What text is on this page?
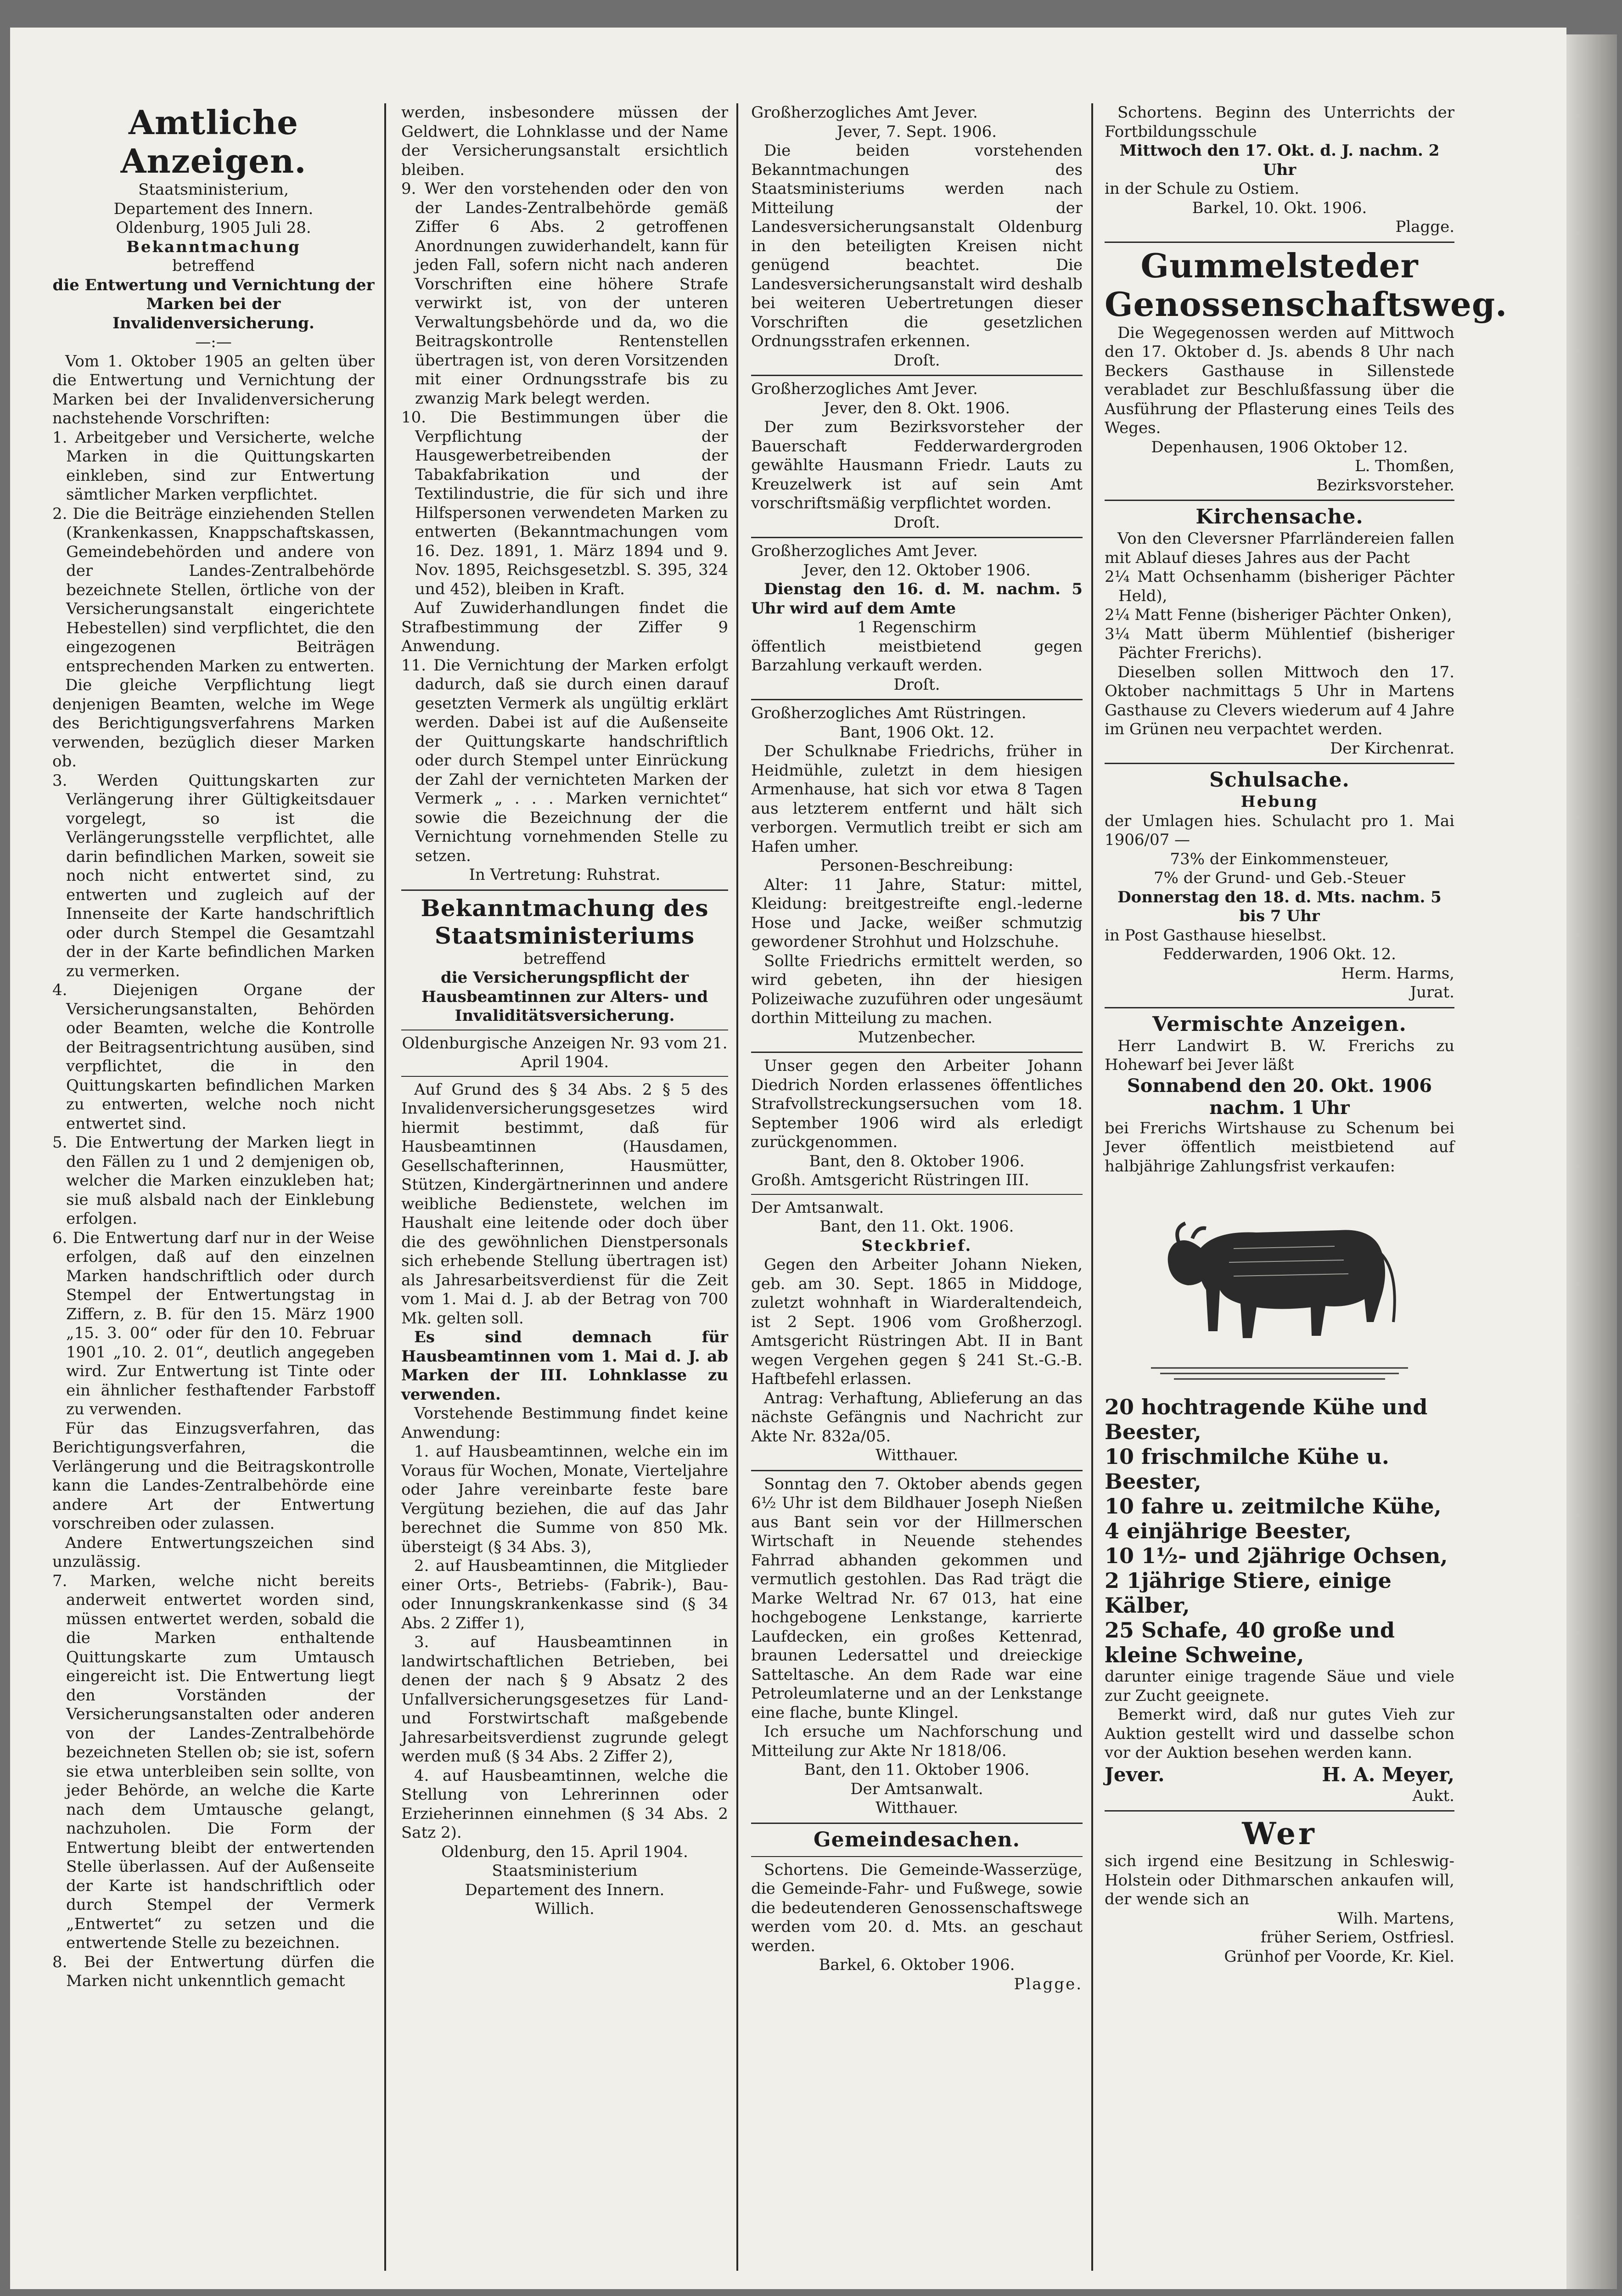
Amtliche Anzeigen.
Staatsministerium,
Departement des Innern.
Oldenburg, 1905 Juli 28.
Bekanntmachung
betreffend
die Entwertung und Vernichtung der Marken bei der Invalidenversicherung.
—:—

Vom 1. Oktober 1905 an gelten über die Entwertung und Vernichtung der Marken bei der Invalidenversicherung nachstehende Vorschriften:

1. Arbeitgeber und Versicherte, welche Marken in die Quittungskarten einkleben, sind zur Entwertung sämtlicher Marken verpflichtet.

2. Die die Beiträge einziehenden Stellen (Krankenkassen, Knappschaftskassen, Gemeindebehörden und andere von der Landes-Zentralbehörde bezeichnete Stellen, örtliche von der Versicherungsanstalt eingerichtete Hebestellen) sind verpflichtet, die den eingezogenen Beiträgen entsprechenden Marken zu entwerten.

Die gleiche Verpflichtung liegt denjenigen Beamten, welche im Wege des Berichtigungsverfahrens Marken verwenden, bezüglich dieser Marken ob.

3. Werden Quittungskarten zur Verlängerung ihrer Gültigkeitsdauer vorgelegt, so ist die Verlängerungsstelle verpflichtet, alle darin befindlichen Marken, soweit sie noch nicht entwertet sind, zu entwerten und zugleich auf der Innenseite der Karte handschriftlich oder durch Stempel die Gesamtzahl der in der Karte befindlichen Marken zu vermerken.

4. Diejenigen Organe der Versicherungsanstalten, Behörden oder Beamten, welche die Kontrolle der Beitragsentrichtung ausüben, sind verpflichtet, die in den Quittungskarten befindlichen Marken zu entwerten, welche noch nicht entwertet sind.

5. Die Entwertung der Marken liegt in den Fällen zu 1 und 2 demjenigen ob, welcher die Marken einzukleben hat; sie muß alsbald nach der Einklebung erfolgen.

6. Die Entwertung darf nur in der Weise erfolgen, daß auf den einzelnen Marken handschriftlich oder durch Stempel der Entwertungstag in Ziffern, z. B. für den 15. März 1900 „15. 3. 00“ oder für den 10. Februar 1901 „10. 2. 01“, deutlich angegeben wird. Zur Entwertung ist Tinte oder ein ähnlicher festhaftender Farbstoff zu verwenden.

Für das Einzugsverfahren, das Berichtigungsverfahren, die Verlängerung und die Beitragskontrolle kann die Landes-Zentralbehörde eine andere Art der Entwertung vorschreiben oder zulassen.

Andere Entwertungszeichen sind unzulässig.

7. Marken, welche nicht bereits anderweit entwertet worden sind, müssen entwertet werden, sobald die die Marken enthaltende Quittungskarte zum Umtausch eingereicht ist. Die Entwertung liegt den Vorständen der Versicherungsanstalten oder anderen von der Landes-Zentralbehörde bezeichneten Stellen ob; sie ist, sofern sie etwa unterbleiben sein sollte, von jeder Behörde, an welche die Karte nach dem Umtausche gelangt, nachzuholen. Die Form der Entwertung bleibt der entwertenden Stelle überlassen. Auf der Außenseite der Karte ist handschriftlich oder durch Stempel der Vermerk „Entwertet“ zu setzen und die entwertende Stelle zu bezeichnen.

8. Bei der Entwertung dürfen die Marken nicht unkenntlich gemacht

werden, insbesondere müssen der Geldwert, die Lohnklasse und der Name der Versicherungsanstalt ersichtlich bleiben.

9. Wer den vorstehenden oder den von der Landes-Zentralbehörde gemäß Ziffer 6 Abs. 2 getroffenen Anordnungen zuwiderhandelt, kann für jeden Fall, sofern nicht nach anderen Vorschriften eine höhere Strafe verwirkt ist, von der unteren Verwaltungsbehörde und da, wo die Beitragskontrolle Rentenstellen übertragen ist, von deren Vorsitzenden mit einer Ordnungsstrafe bis zu zwanzig Mark belegt werden.

10. Die Bestimmungen über die Verpflichtung der Hausgewerbetreibenden der Tabakfabrikation und der Textilindustrie, die für sich und ihre Hilfspersonen verwendeten Marken zu entwerten (Bekanntmachungen vom 16. Dez. 1891, 1. März 1894 und 9. Nov. 1895, Reichsgesetzbl. S. 395, 324 und 452), bleiben in Kraft.

Auf Zuwiderhandlungen findet die Strafbestimmung der Ziffer 9 Anwendung.

11. Die Vernichtung der Marken erfolgt dadurch, daß sie durch einen darauf gesetzten Vermerk als ungültig erklärt werden. Dabei ist auf die Außenseite der Quittungskarte handschriftlich oder durch Stempel unter Einrückung der Zahl der vernichteten Marken der Vermerk „ . . . Marken vernichtet“ sowie die Bezeichnung der die Vernichtung vornehmenden Stelle zu setzen.

In Vertretung: Ruhstrat.
Bekanntmachung des Staatsministeriums
betreffend
die Versicherungspflicht der Hausbeamtinnen zur Alters- und Invaliditätsversicherung.
Oldenburgische Anzeigen Nr. 93 vom 21. April 1904.

Auf Grund des § 34 Abs. 2 § 5 des Invalidenversicherungsgesetzes wird hiermit bestimmt, daß für Hausbeamtinnen (Hausdamen, Gesellschafterinnen, Hausmütter, Stützen, Kindergärtnerinnen und andere weibliche Bedienstete, welchen im Haushalt eine leitende oder doch über die des gewöhnlichen Dienstpersonals sich erhebende Stellung übertragen ist) als Jahresarbeitsverdienst für die Zeit vom 1. Mai d. J. ab der Betrag von 700 Mk. gelten soll.

Es sind demnach für Hausbeamtinnen vom 1. Mai d. J. ab Marken der III. Lohnklasse zu verwenden.

Vorstehende Bestimmung findet keine Anwendung:

1. auf Hausbeamtinnen, welche ein im Voraus für Wochen, Monate, Vierteljahre oder Jahre vereinbarte feste bare Vergütung beziehen, die auf das Jahr berechnet die Summe von 850 Mk. übersteigt (§ 34 Abs. 3),

2. auf Hausbeamtinnen, die Mitglieder einer Orts-, Betriebs- (Fabrik-), Bau- oder Innungskrankenkasse sind (§ 34 Abs. 2 Ziffer 1),

3. auf Hausbeamtinnen in landwirtschaftlichen Betrieben, bei denen der nach § 9 Absatz 2 des Unfallversicherungsgesetzes für Land- und Forstwirtschaft maßgebende Jahresarbeitsverdienst zugrunde gelegt werden muß (§ 34 Abs. 2 Ziffer 2),

4. auf Hausbeamtinnen, welche die Stellung von Lehrerinnen oder Erzieherinnen einnehmen (§ 34 Abs. 2 Satz 2).

Oldenburg, den 15. April 1904.
Staatsministerium
Departement des Innern.
Willich.
Großherzogliches Amt Jever.
Jever, 7. Sept. 1906.

Die beiden vorstehenden Bekanntmachungen des Staatsministeriums werden nach Mitteilung der Landesversicherungsanstalt Oldenburg in den beteiligten Kreisen nicht genügend beachtet. Die Landesversicherungsanstalt wird deshalb bei weiteren Uebertretungen dieser Vorschriften die gesetzlichen Ordnungsstrafen erkennen.

Droſt.
Großherzogliches Amt Jever.
Jever, den 8. Okt. 1906.

Der zum Bezirksvorsteher der Bauerschaft Fedderwardergroden gewählte Hausmann Friedr. Lauts zu Kreuzelwerk ist auf sein Amt vorschriftsmäßig verpflichtet worden.

Droſt.
Großherzogliches Amt Jever.
Jever, den 12. Oktober 1906.

Dienstag den 16. d. M. nachm. 5 Uhr wird auf dem Amte

1 Regenschirm

öffentlich meistbietend gegen Barzahlung verkauft werden.

Droſt.
Großherzogliches Amt Rüstringen.
Bant, 1906 Okt. 12.

Der Schulknabe Friedrichs, früher in Heidmühle, zuletzt in dem hiesigen Armenhause, hat sich vor etwa 8 Tagen aus letzterem entfernt und hält sich verborgen. Vermutlich treibt er sich am Hafen umher.

Personen-Beschreibung:

Alter: 11 Jahre, Statur: mittel, Kleidung: breitgestreifte engl.-lederne Hose und Jacke, weißer schmutzig gewordener Strohhut und Holzschuhe.

Sollte Friedrichs ermittelt werden, so wird gebeten, ihn der hiesigen Polizeiwache zuzuführen oder ungesäumt dorthin Mitteilung zu machen.

Mutzenbecher.

Unser gegen den Arbeiter Johann Diedrich Norden erlassenes öffentliches Strafvollstreckungsersuchen vom 18. September 1906 wird als erledigt zurückgenommen.

Bant, den 8. Oktober 1906.
Großh. Amtsgericht Rüstringen III.
Der Amtsanwalt.
Bant, den 11. Okt. 1906.
Steckbrief.

Gegen den Arbeiter Johann Nieken, geb. am 30. Sept. 1865 in Middoge, zuletzt wohnhaft in Wiarderaltendeich, ist 2 Sept. 1906 vom Großherzogl. Amtsgericht Rüstringen Abt. II in Bant wegen Vergehen gegen § 241 St.-G.-B. Haftbefehl erlassen.

Antrag: Verhaftung, Ablieferung an das nächste Gefängnis und Nachricht zur Akte Nr. 832a/05.

Witthauer.

Sonntag den 7. Oktober abends gegen 6½ Uhr ist dem Bildhauer Joseph Nießen aus Bant sein vor der Hillmerschen Wirtschaft in Neuende stehendes Fahrrad abhanden gekommen und vermutlich gestohlen. Das Rad trägt die Marke Weltrad Nr. 67 013, hat eine hochgebogene Lenkstange, karrierte Laufdecken, ein großes Kettenrad, braunen Ledersattel und dreieckige Satteltasche. An dem Rade war eine Petroleumlaterne und an der Lenkstange eine flache, bunte Klingel.

Ich ersuche um Nachforschung und Mitteilung zur Akte Nr 1818/06.

Bant, den 11. Oktober 1906.
Der Amtsanwalt.
Witthauer.
Gemeindesachen.

Schortens. Die Gemeinde-Wasserzüge, die Gemeinde-Fahr- und Fußwege, sowie die bedeutenderen Genossenschaftswege werden vom 20. d. Mts. an geschaut werden.

Barkel, 6. Oktober 1906.
Plagge.

Schortens. Beginn des Unterrichts der Fortbildungsschule

Mittwoch den 17. Okt. d. J. nachm. 2 Uhr
in der Schule zu Ostiem.
Barkel, 10. Okt. 1906.
Plagge.
Gummelsteder
Genossenschaftsweg.

Die Wegegenossen werden auf Mittwoch den 17. Oktober d. Js. abends 8 Uhr nach Beckers Gasthause in Sillenstede verabladet zur Beschlußfassung über die Ausführung der Pflasterung eines Teils des Weges.

Depenhausen, 1906 Oktober 12.
L. Thomßen,
Bezirksvorsteher.
Kirchensache.

Von den Cleversner Pfarrländereien fallen mit Ablauf dieses Jahres aus der Pacht

2¼ Matt Ochsenhamm (bisheriger Pächter Held),

2¼ Matt Fenne (bisheriger Pächter Onken),

3¼ Matt überm Mühlentief (bisheriger Pächter Frerichs).

Dieselben sollen Mittwoch den 17. Oktober nachmittags 5 Uhr in Martens Gasthause zu Clevers wiederum auf 4 Jahre im Grünen neu verpachtet werden.

Der Kirchenrat.
Schulsache.
Hebung
der Umlagen hies. Schulacht pro 1. Mai 1906/07 —
73% der Einkommensteuer,
7% der Grund- und Geb.-Steuer
Donnerstag den 18. d. Mts. nachm. 5 bis 7 Uhr
in Post Gasthause hieselbst.
Fedderwarden, 1906 Okt. 12.
Herm. Harms,
Jurat.
Vermischte Anzeigen.

Herr Landwirt B. W. Frerichs zu Hohewarf bei Jever läßt

Sonnabend den 20. Okt. 1906 nachm. 1 Uhr

bei Frerichs Wirtshause zu Schenum bei Jever öffentlich meistbietend auf halbjährige Zahlungsfrist verkaufen:

20 hochtragende Kühe und Beester,

10 frischmilche Kühe u. Beester,

10 fahre u. zeitmilche Kühe,

4 einjährige Beester,

10 1½- und 2jährige Ochsen,

2 1jährige Stiere, einige Kälber,

25 Schafe, 40 große und kleine Schweine,

darunter einige tragende Säue und viele zur Zucht geeignete.

Bemerkt wird, daß nur gutes Vieh zur Auktion gestellt wird und dasselbe schon vor der Auktion besehen werden kann.

Jever.	H. A. Meyer,
Aukt.
Wer

sich irgend eine Besitzung in Schleswig-Holstein oder Dithmarschen ankaufen will, der wende sich an

Wilh. Martens,
früher Seriem, Ostfriesl.
Grünhof per Voorde, Kr. Kiel.
